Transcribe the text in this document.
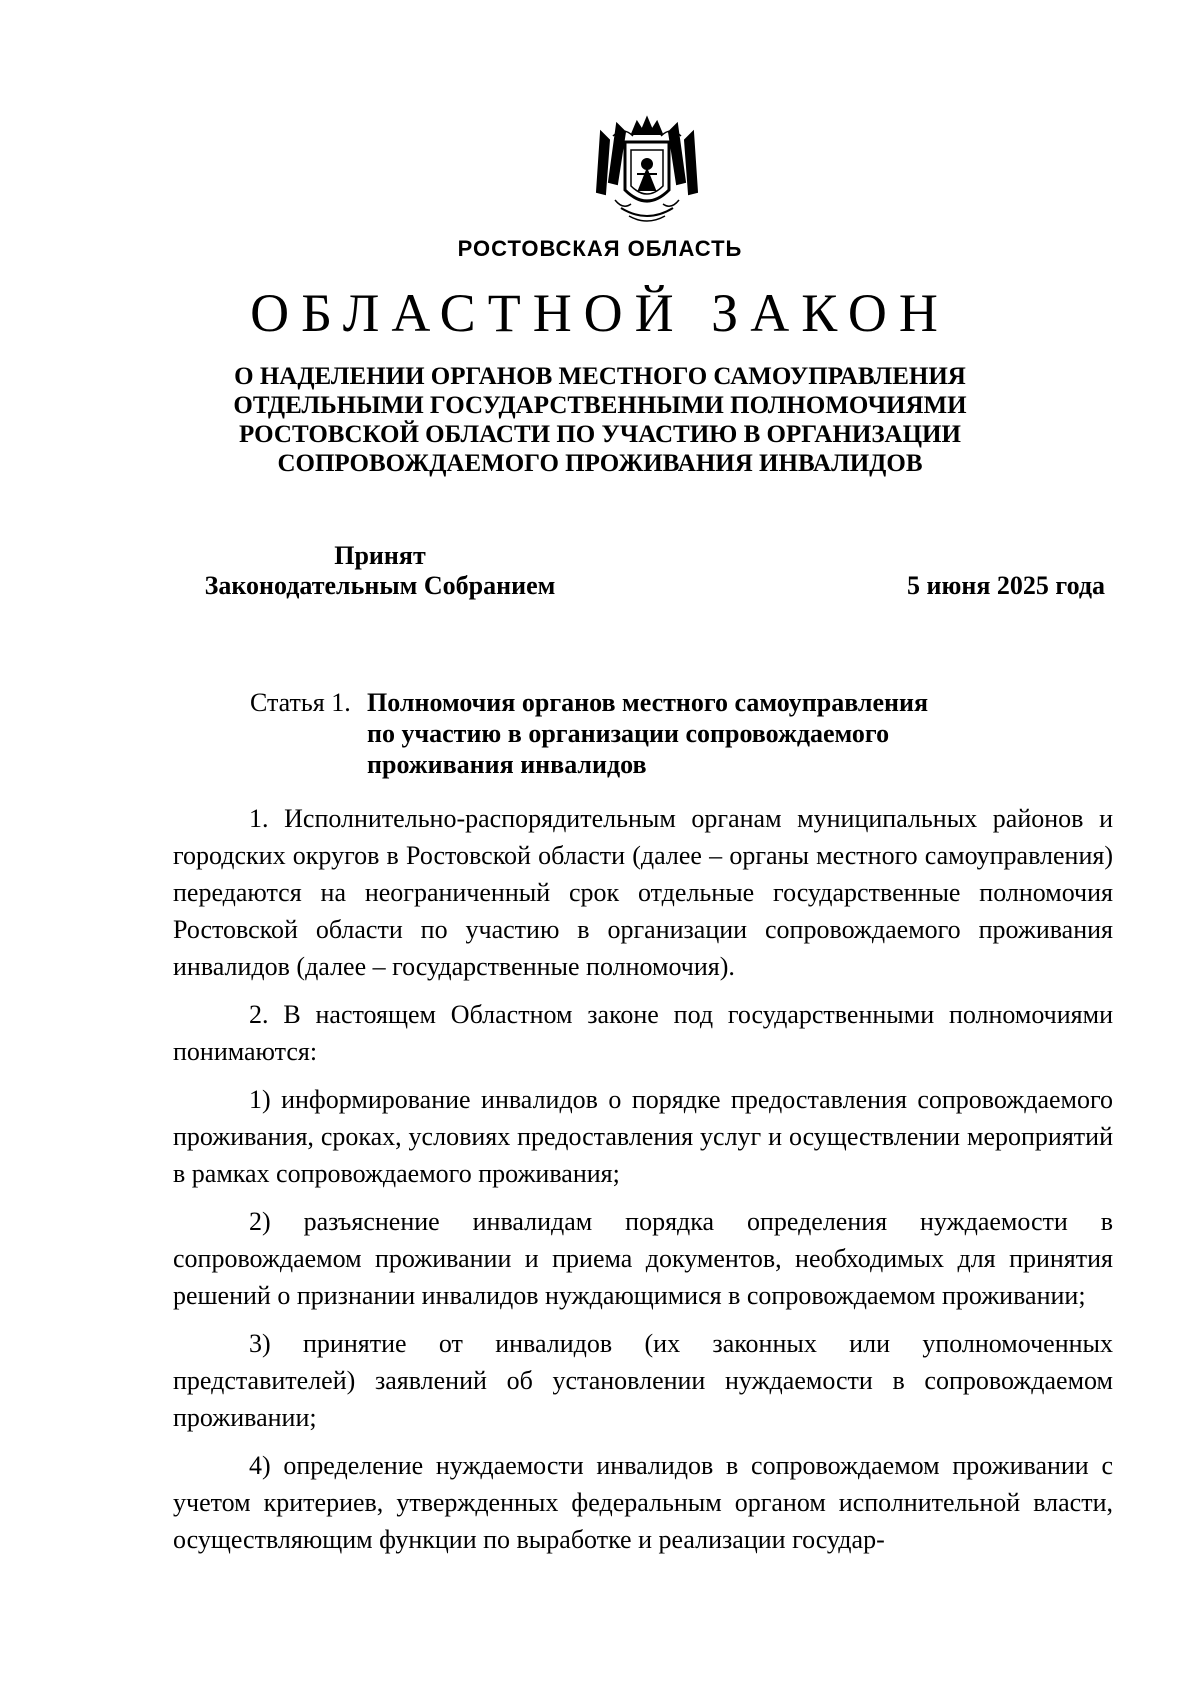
РОСТОВСКАЯ ОБЛАСТЬ
ОБЛАСТНОЙ ЗАКОН
О НАДЕЛЕНИИ ОРГАНОВ МЕСТНОГО САМОУПРАВЛЕНИЯ ОТДЕЛЬНЫМИ ГОСУДАРСТВЕННЫМИ ПОЛНОМОЧИЯМИ РОСТОВСКОЙ ОБЛАСТИ ПО УЧАСТИЮ В ОРГАНИЗАЦИИ СОПРОВОЖДАЕМОГО ПРОЖИВАНИЯ ИНВАЛИДОВ
Принят
Законодательным Собранием	5 июня 2025 года
Статья 1. Полномочия органов местного самоуправления
по участию в организации сопровождаемого
проживания инвалидов

1. Исполнительно-распорядительным органам муниципальных районов и городских округов в Ростовской области (далее – органы местного самоуправления) передаются на неограниченный срок отдельные государственные полномочия Ростовской области по участию в организации сопровождаемого проживания инвалидов (далее – государственные полномочия).

2. В настоящем Областном законе под государственными полномочиями понимаются:

1) информирование инвалидов о порядке предоставления сопровождаемого проживания, сроках, условиях предоставления услуг и осуществлении мероприятий в рамках сопровождаемого проживания;

2) разъяснение инвалидам порядка определения нуждаемости в сопровождаемом проживании и приема документов, необходимых для принятия решений о признании инвалидов нуждающимися в сопровождаемом проживании;

3) принятие от инвалидов (их законных или уполномоченных представителей) заявлений об установлении нуждаемости в сопровождаемом проживании;

4) определение нуждаемости инвалидов в сопровождаемом проживании с учетом критериев, утвержденных федеральным органом исполнительной власти, осуществляющим функции по выработке и реализации государ-
